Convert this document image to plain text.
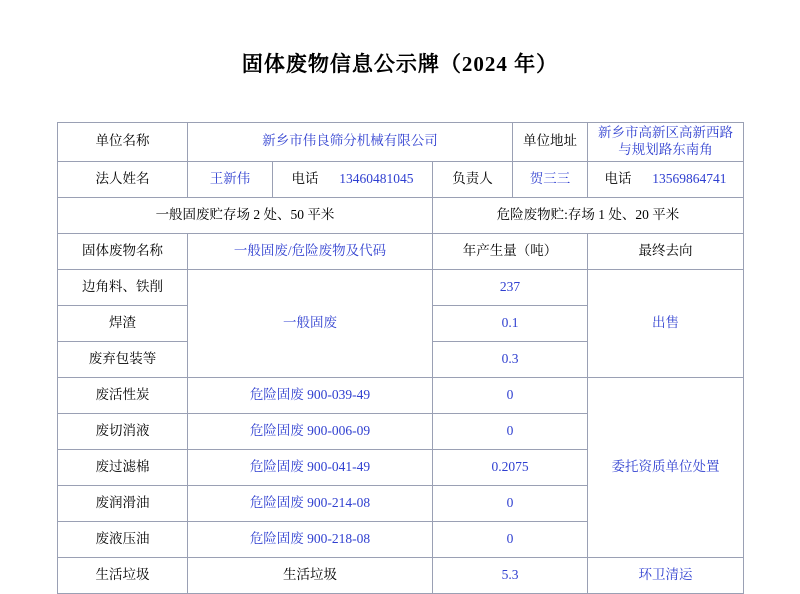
固体废物信息公示牌（2024 年）
单位名称	新乡市伟良筛分机械有限公司			单位地址	新乡市高新区高新西路与规划路东南角
法人姓名	王新伟	电话 13460481045	负责人	贺三三	电话 13569864741
一般固废贮存场 2 处、50 平米			危险废物贮:存场 1 处、20 平米		
固体废物名称	一般固废/危险废物及代码		年产生量（吨）		最终去向
边角料、铁削	一般固废		237		出售
焊渣			0.1		
废弃包装等			0.3		
废活性炭	危险固废 900-039-49		0		委托资质单位处置
废切消液	危险固废 900-006-09		0		
废过滤棉	危险固废 900-041-49		0.2075		
废润滑油	危险固废 900-214-08		0		
废液压油	危险固废 900-218-08		0		
生活垃圾	生活垃圾		5.3		环卫清运
